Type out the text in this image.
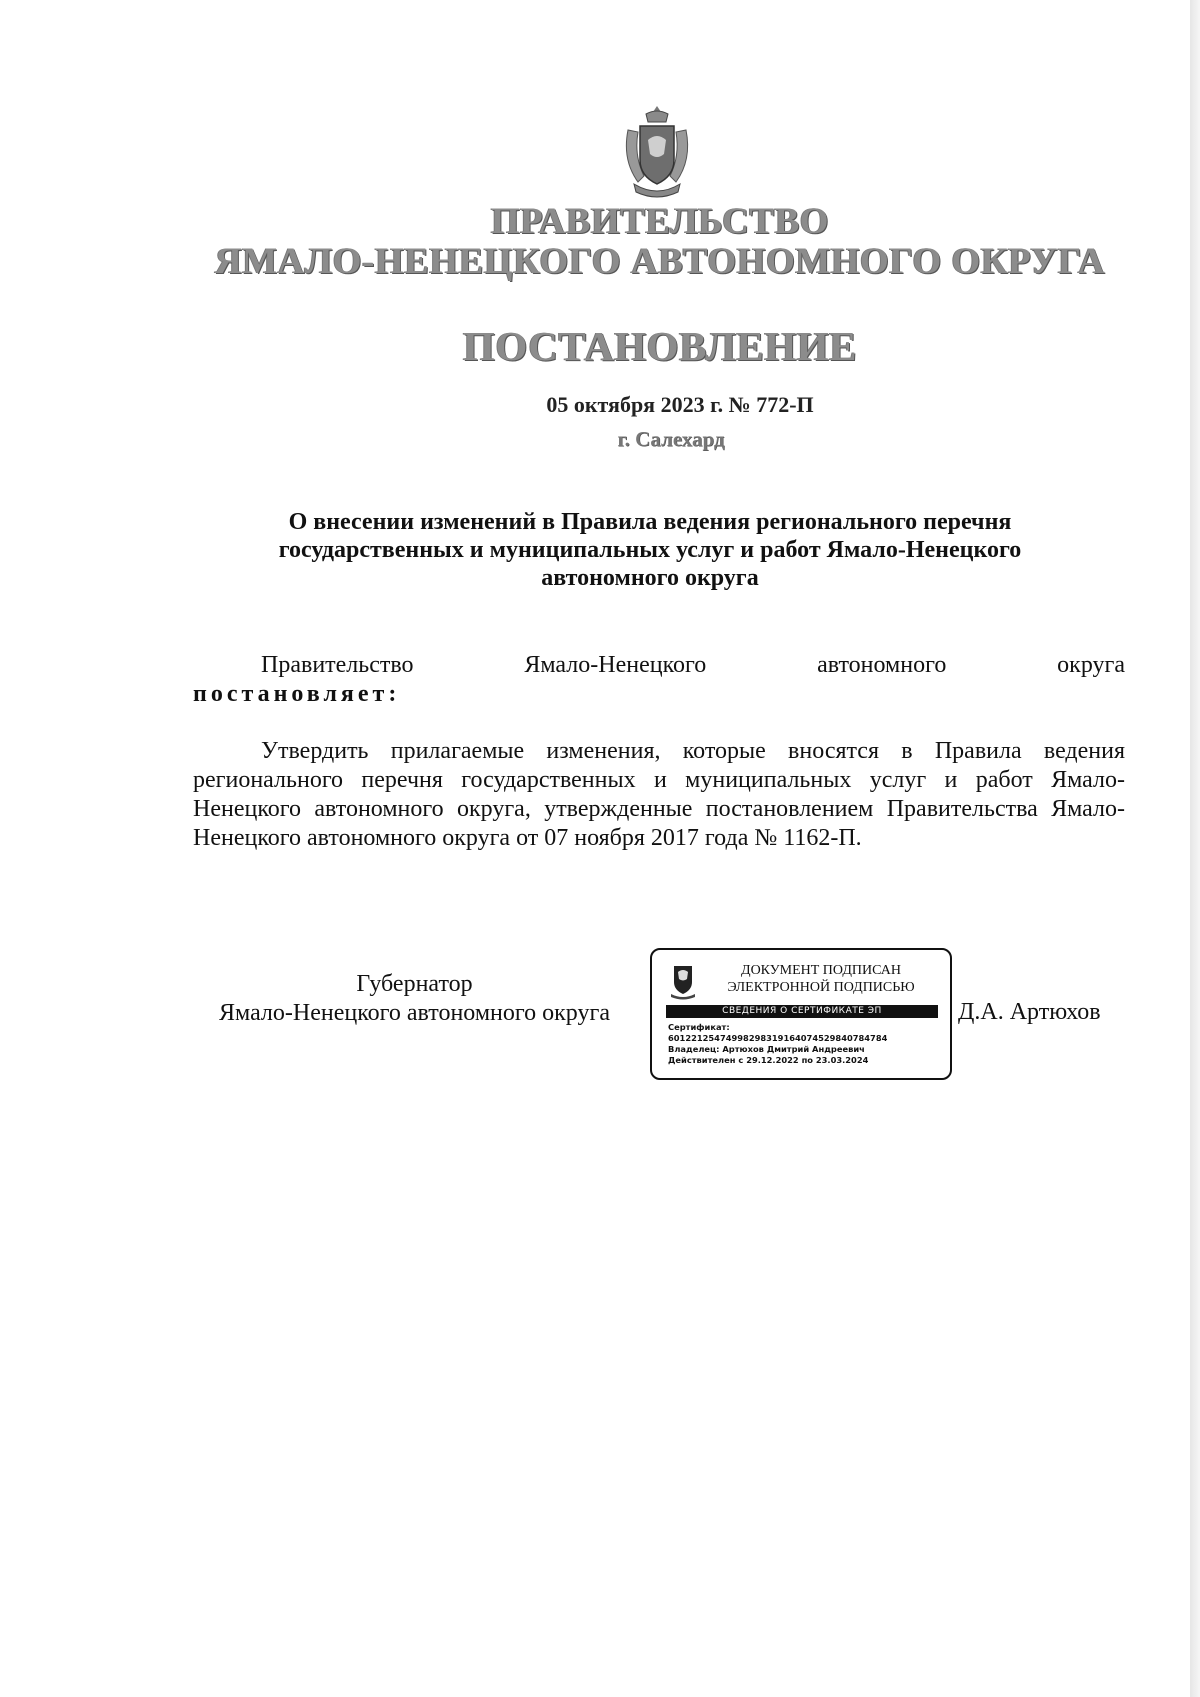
ПРАВИТЕЛЬСТВО
ЯМАЛО-НЕНЕЦКОГО АВТОНОМНОГО ОКРУГА
ПОСТАНОВЛЕНИЕ
05 октября 2023 г. № 772-П
г. Салехард
О внесении изменений в Правила ведения регионального перечня
государственных и муниципальных услуг и работ Ямало-Ненецкого
автономного округа
Правительство Ямало-Ненецкого автономного округа
постановляет:
Утвердить прилагаемые изменения, которые вносятся в Правила ведения регионального перечня государственных и муниципальных услуг и работ Ямало-Ненецкого автономного округа, утвержденные постановлением Правительства Ямало-Ненецкого автономного округа от 07 ноября 2017 года № 1162-П.
Губернатор
Ямало-Ненецкого автономного округа
ДОКУМЕНТ ПОДПИСАН
ЭЛЕКТРОННОЙ ПОДПИСЬЮ
СВЕДЕНИЯ О СЕРТИФИКАТЕ ЭП
Сертификат:
601221254749982983191640745298407847​84
Владелец: Артюхов Дмитрий Андреевич
Действителен с 29.12.2022 по 23.03.2024
Д.А. Артюхов
